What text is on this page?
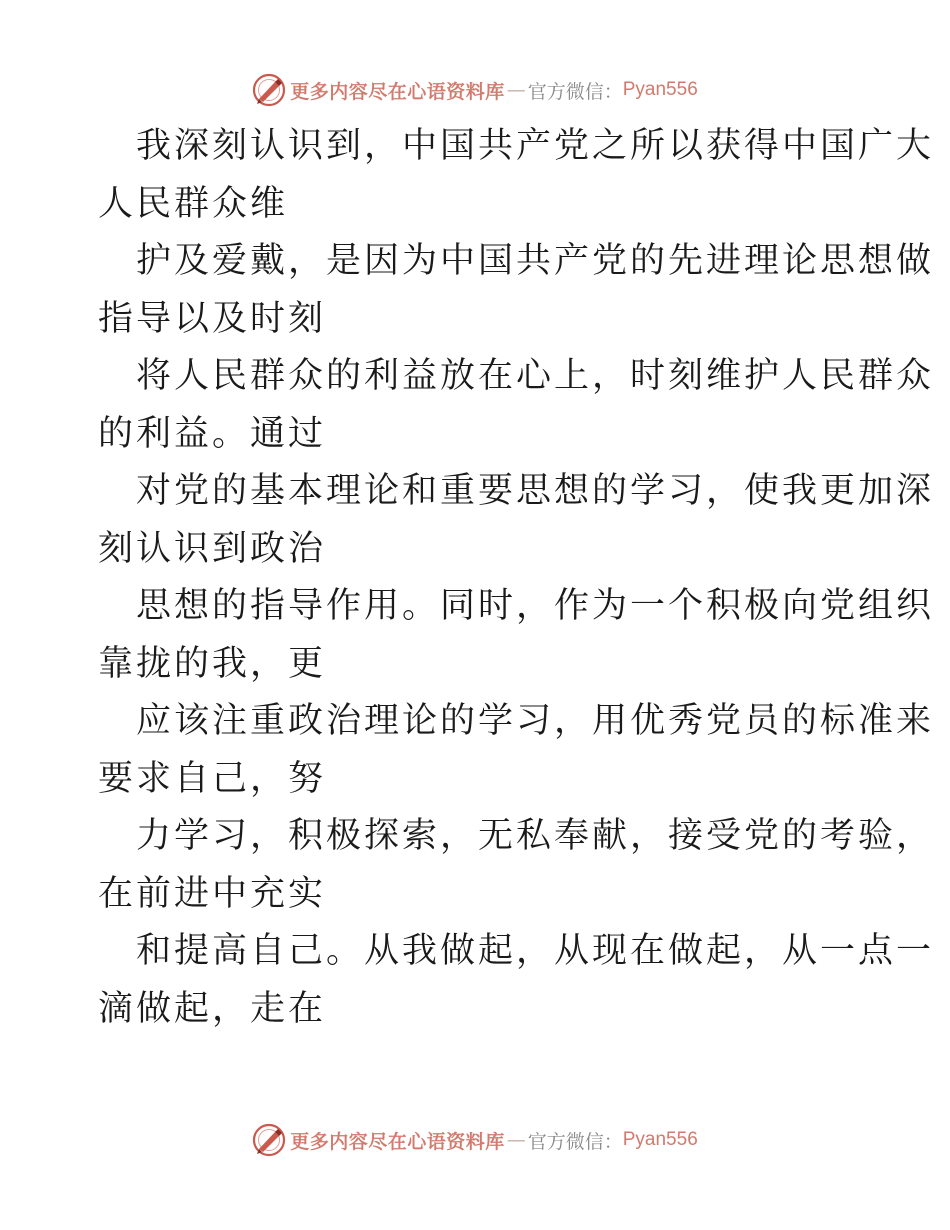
更多内容尽在心语资料库 — 官方微信： Pyan556

我深刻认识到，中国共产党之所以获得中国广大
人民群众维

护及爱戴，是因为中国共产党的先进理论思想做
指导以及时刻

将人民群众的利益放在心上，时刻维护人民群众
的利益。通过

对党的基本理论和重要思想的学习，使我更加深
刻认识到政治

思想的指导作用。同时，作为一个积极向党组织
靠拢的我，更

应该注重政治理论的学习，用优秀党员的标准来
要求自己，努

力学习，积极探索，无私奉献，接受党的考验，
在前进中充实

和提高自己。从我做起，从现在做起，从一点一
滴做起，走在

更多内容尽在心语资料库 — 官方微信： Pyan556
